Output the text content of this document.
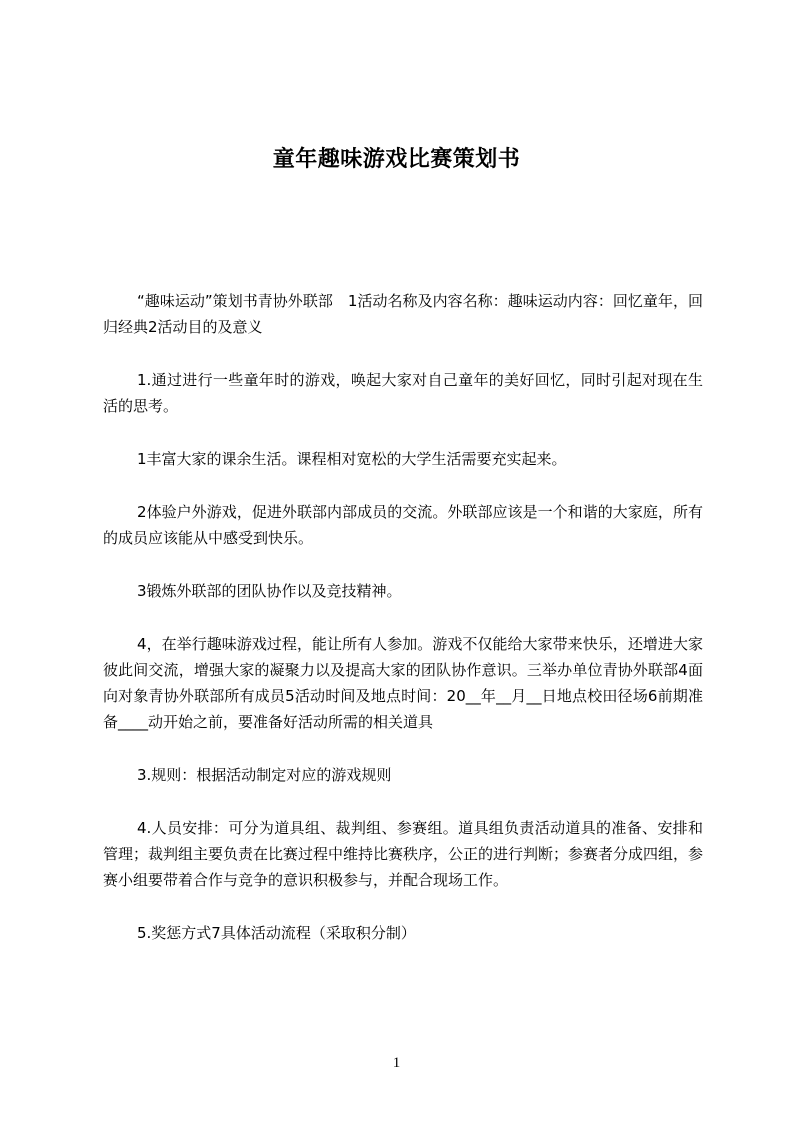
童年趣味游戏比赛策划书

“趣味运动”策划书青协外联部　1活动名称及内容名称：趣味运动内容：回忆童年，回归经典2活动目的及意义

1.通过进行一些童年时的游戏，唤起大家对自己童年的美好回忆，同时引起对现在生活的思考。

1丰富大家的课余生活。课程相对宽松的大学生活需要充实起来。

2体验户外游戏，促进外联部内部成员的交流。外联部应该是一个和谐的大家庭，所有的成员应该能从中感受到快乐。

3锻炼外联部的团队协作以及竞技精神。

4，在举行趣味游戏过程，能让所有人参加。游戏不仅能给大家带来快乐，还增进大家彼此间交流，增强大家的凝聚力以及提高大家的团队协作意识。三举办单位青协外联部4面向对象青协外联部所有成员5活动时间及地点时间：20__年__月__日地点校田径场6前期准备____动开始之前，要准备好活动所需的相关道具

3.规则：根据活动制定对应的游戏规则

4.人员安排：可分为道具组、裁判组、参赛组。道具组负责活动道具的准备、安排和管理；裁判组主要负责在比赛过程中维持比赛秩序，公正的进行判断；参赛者分成四组，参赛小组要带着合作与竞争的意识积极参与，并配合现场工作。

5.奖惩方式7具体活动流程（采取积分制）

1
